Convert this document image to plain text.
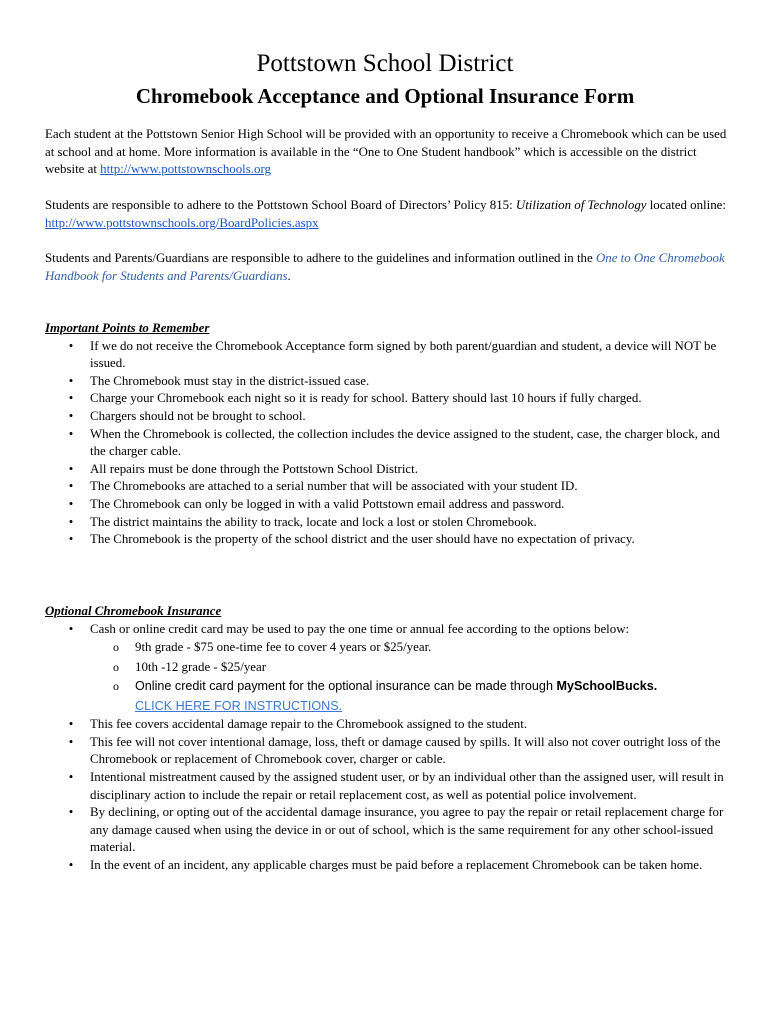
Pottstown School District
Chromebook Acceptance and Optional Insurance Form
Each student at the Pottstown Senior High School will be provided with an opportunity to receive a Chromebook which can be used at school and at home. More information is available in the “One to One Student handbook” which is accessible on the district website at http://www.pottstownschools.org
Students are responsible to adhere to the Pottstown School Board of Directors’ Policy 815: Utilization of Technology located online: http://www.pottstownschools.org/BoardPolicies.aspx
Students and Parents/Guardians are responsible to adhere to the guidelines and information outlined in the One to One Chromebook Handbook for Students and Parents/Guardians.
Important Points to Remember
• If we do not receive the Chromebook Acceptance form signed by both parent/guardian and student, a device will NOT be issued.
• The Chromebook must stay in the district-issued case.
• Charge your Chromebook each night so it is ready for school. Battery should last 10 hours if fully charged.
• Chargers should not be brought to school.
• When the Chromebook is collected, the collection includes the device assigned to the student, case, the charger block, and the charger cable.
• All repairs must be done through the Pottstown School District.
• The Chromebooks are attached to a serial number that will be associated with your student ID.
• The Chromebook can only be logged in with a valid Pottstown email address and password.
• The district maintains the ability to track, locate and lock a lost or stolen Chromebook.
• The Chromebook is the property of the school district and the user should have no expectation of privacy.
Optional Chromebook Insurance
• Cash or online credit card may be used to pay the one time or annual fee according to the options below:
o 9th grade - $75 one-time fee to cover 4 years or $25/year.
o 10th -12 grade - $25/year
o Online credit card payment for the optional insurance can be made through MySchoolBucks.
CLICK HERE FOR INSTRUCTIONS.
• This fee covers accidental damage repair to the Chromebook assigned to the student.
• This fee will not cover intentional damage, loss, theft or damage caused by spills. It will also not cover outright loss of the Chromebook or replacement of Chromebook cover, charger or cable.
• Intentional mistreatment caused by the assigned student user, or by an individual other than the assigned user, will result in disciplinary action to include the repair or retail replacement cost, as well as potential police involvement.
• By declining, or opting out of the accidental damage insurance, you agree to pay the repair or retail replacement charge for any damage caused when using the device in or out of school, which is the same requirement for any other school-issued material.
• In the event of an incident, any applicable charges must be paid before a replacement Chromebook can be taken home.
